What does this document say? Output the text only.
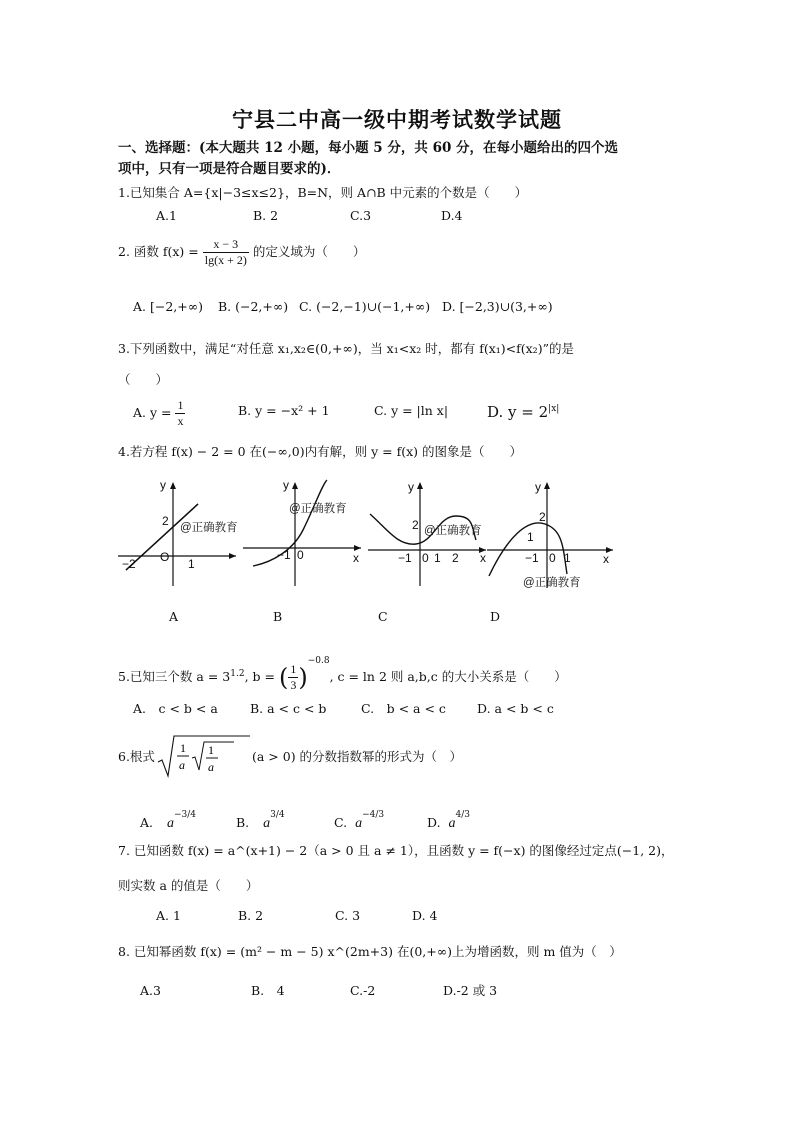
宁县二中高一级中期考试数学试题
一、选择题：(本大题共 12 小题，每小题 5 分，共 60 分，在每小题给出的四个选
项中，只有一项是符合题目要求的)．
1.已知集合 A={x|−3≤x≤2}，B=N，则 A∩B 中元素的个数是（　　）
A.1	B. 2	C.3	D.4
2. 函数 $f(x) = \frac{x - 3}{\lg(x + 2)}$ 的定义域为（　　）
A. [−2,+∞) B. (−2,+∞) C. (−2,−1)∪(−1,+∞) D. [−2,3)∪(3,+∞)
3.下列函数中，满足“对任意 x₁,x₂∈(0,+∞)，当 x₁<x₂ 时，都有 f(x₁)<f(x₂)”的是
（　　）
A. $y = \frac{1}{x}$	B. y = −x² + 1	C. y = |ln x|	D. $y = 2^{|x|}$
4.若方程 f(x) − 2 = 0 在(−∞,0)内有解，则 y = f(x) 的图象是（　　）
y
2
−2 O 1
@正确教育
A
y
−1 0	x
@正确教育
B
y
2
−1 0 1 2 x
@正确教育
C
y
2
1
−1 0 1	x
@正确教育
D
5.已知三个数 $a = 3^{1.2}$, b = ( $\frac{1}{3} )^{-0.8}$, c = ln 2 则 a,b,c 的大小关系是（　　）
A.　c < b < a	B. a < c < b	C.　b < a < c D. a < b < c
6.根式
1
a
1
a
(a > 0) 的分数指数幂的形式为（　）
A. $a^{-3/4}$	B. $a^{3/4}$	C. $a^{-4/3}$	D. $a^{4/3}$
7. 已知函数 f(x) = a^(x+1) − 2（a > 0 且 a ≠ 1），且函数 y = f(−x) 的图像经过定点(−1, 2)，
则实数 a 的值是（　　）
A. 1	B. 2	C. 3	D. 4
8. 已知幂函数 f(x) = (m² − m − 5) x^(2m+3) 在(0,+∞)上为增函数，则 m 值为（　）
A.3	B.　4	C.-2	D.-2 或 3
